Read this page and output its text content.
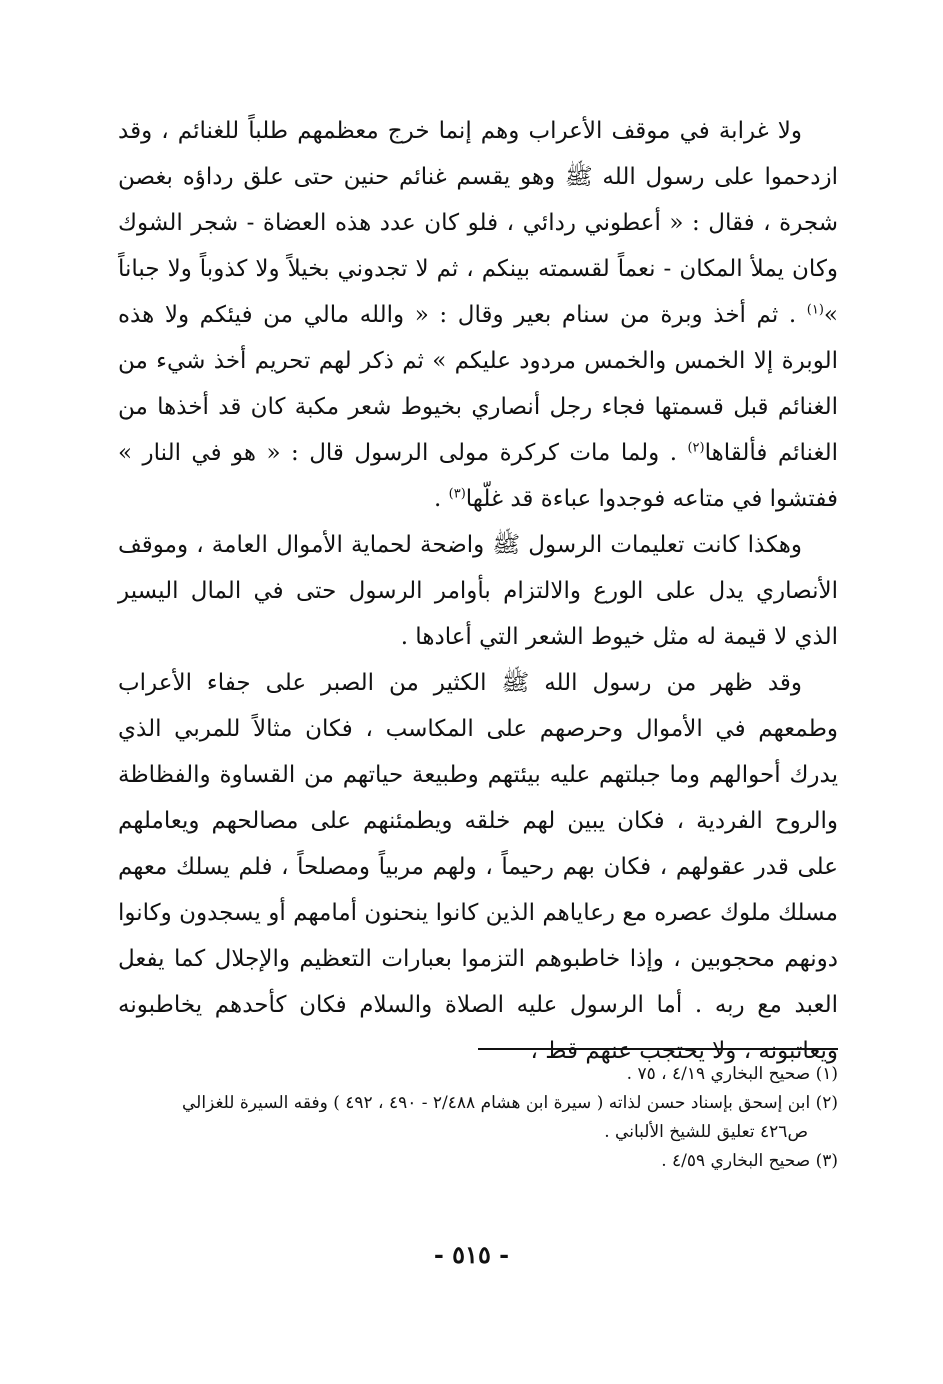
ولا غرابة في موقف الأعراب وهم إنما خرج معظمهم طلباً للغنائم ، وقد ازدحموا على رسول الله ﷺ وهو يقسم غنائم حنين حتى علق رداؤه بغصن شجرة ، فقال : « أعطوني ردائي ، فلو كان عدد هذه العضاة - شجر الشوك وكان يملأ المكان - نعماً لقسمته بينكم ، ثم لا تجدوني بخيلاً ولا كذوباً ولا جباناً »$^{(١)}$ . ثم أخذ وبرة من سنام بعير وقال : « والله مالي من فيئكم ولا هذه الوبرة إلا الخمس والخمس مردود عليكم » ثم ذكر لهم تحريم أخذ شيء من الغنائم قبل قسمتها فجاء رجل أنصاري بخيوط شعر مكبة كان قد أخذها من الغنائم فألقاها$^{(٢)}$ . ولما مات كركرة مولى الرسول قال : « هو في النار » ففتشوا في متاعه فوجدوا عباءة قد غلّها$^{(٣)}$ .

وهكذا كانت تعليمات الرسول ﷺ واضحة لحماية الأموال العامة ، وموقف الأنصاري يدل على الورع والالتزام بأوامر الرسول حتى في المال اليسير الذي لا قيمة له مثل خيوط الشعر التي أعادها .

وقد ظهر من رسول الله ﷺ الكثير من الصبر على جفاء الأعراب وطمعهم في الأموال وحرصهم على المكاسب ، فكان مثالاً للمربي الذي يدرك أحوالهم وما جبلتهم عليه بيئتهم وطبيعة حياتهم من القساوة والفظاظة والروح الفردية ، فكان يبين لهم خلقه ويطمئنهم على مصالحهم ويعاملهم على قدر عقولهم ، فكان بهم رحيماً ، ولهم مربياً ومصلحاً ، فلم يسلك معهم مسلك ملوك عصره مع رعاياهم الذين كانوا ينحنون أمامهم أو يسجدون وكانوا دونهم محجوبين ، وإذا خاطبوهم التزموا بعبارات التعظيم والإجلال كما يفعل العبد مع ربه . أما الرسول عليه الصلاة والسلام فكان كأحدهم يخاطبونه ويعاتبونه ، ولا يحتجب عنهم قط ،

(١) صحيح البخاري ٤/١٩ ، ٧٥ .

(٢) ابن إسحق بإسناد حسن لذاته ( سيرة ابن هشام ٢/٤٨٨ - ٤٩٠ ، ٤٩٢ ) وفقه السيرة للغزالي

ص٤٢٦ تعليق للشيخ الألباني .

(٣) صحيح البخاري ٤/٥٩ .

- ٥١٥ -
